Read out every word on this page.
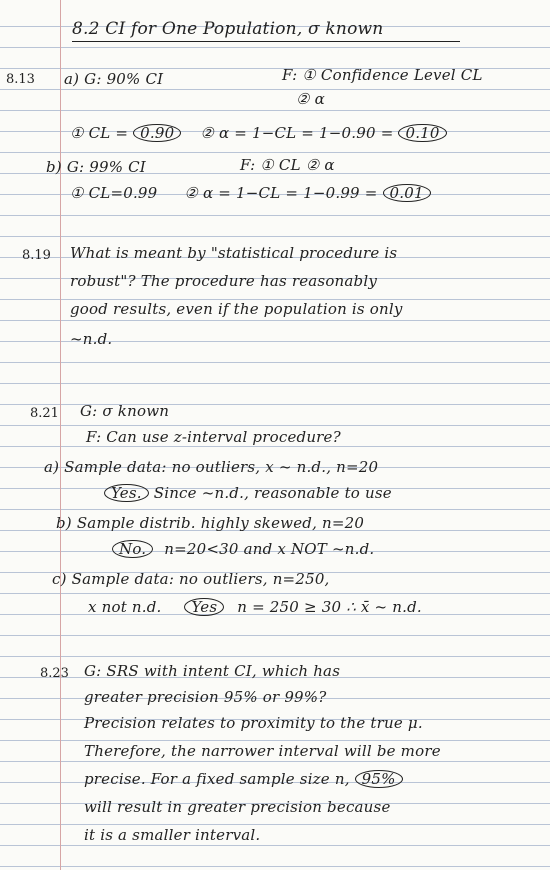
8.2 CI for One Population, σ known
8.13 a) G: 90% CI	F: ① Confidence Level CL
② α
① CL = 0.90 ② α = 1−CL = 1−0.90 = 0.10
b) G: 99% CI	F: ① CL ② α
① CL=0.99 ② α = 1−CL = 1−0.99 = 0.01
8.19 What is meant by "statistical procedure is
robust"? The procedure has reasonably
good results, even if the population is only
~n.d.
8.21 G: σ known
F: Can use z-interval procedure?
a) Sample data: no outliers, x ~ n.d., n=20
Yes. Since ~n.d., reasonable to use
b) Sample distrib. highly skewed, n=20
No. n=20<30 and x NOT ~n.d.
c) Sample data: no outliers, n=250,
x not n.d. Yes n = 250 ≥ 30 ∴ x̄ ~ n.d.
8.23 G: SRS with intent CI, which has
greater precision 95% or 99%?
Precision relates to proximity to the true μ.
Therefore, the narrower interval will be more
precise. For a fixed sample size n, 95%
will result in greater precision because
it is a smaller interval.
